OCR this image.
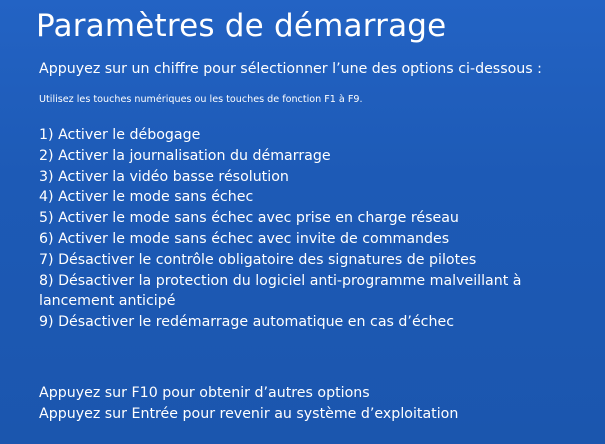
Paramètres de démarrage
Appuyez sur un chiffre pour sélectionner l’une des options ci-dessous :
Utilisez les touches numériques ou les touches de fonction F1 à F9.
1) Activer le débogage
2) Activer la journalisation du démarrage
3) Activer la vidéo basse résolution
4) Activer le mode sans échec
5) Activer le mode sans échec avec prise en charge réseau
6) Activer le mode sans échec avec invite de commandes
7) Désactiver le contrôle obligatoire des signatures de pilotes
8) Désactiver la protection du logiciel anti-programme malveillant à
lancement anticipé
9) Désactiver le redémarrage automatique en cas d’échec
Appuyez sur F10 pour obtenir d’autres options
Appuyez sur Entrée pour revenir au système d’exploitation
